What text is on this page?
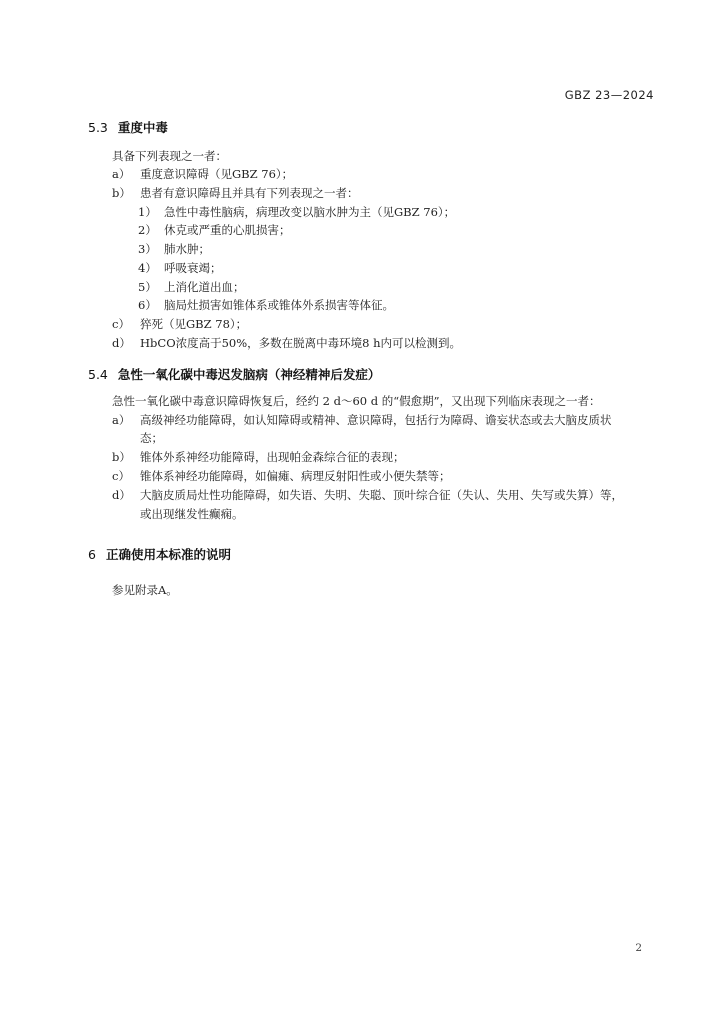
GBZ 23—2024
5.3 重度中毒
具备下列表现之一者：
a） 重度意识障碍（见GBZ 76）；
b） 患者有意识障碍且并具有下列表现之一者：
1） 急性中毒性脑病，病理改变以脑水肿为主（见GBZ 76）；
2） 休克或严重的心肌损害；
3） 肺水肿；
4） 呼吸衰竭；
5） 上消化道出血；
6） 脑局灶损害如锥体系或锥体外系损害等体征。
c） 猝死（见GBZ 78）；
d） HbCO浓度高于50%，多数在脱离中毒环境8 h内可以检测到。
5.4 急性一氧化碳中毒迟发脑病（神经精神后发症）
急性一氧化碳中毒意识障碍恢复后，经约 2 d～60 d 的“假愈期”，又出现下列临床表现之一者：
a） 高级神经功能障碍，如认知障碍或精神、意识障碍，包括行为障碍、谵妄状态或去大脑皮质状
态；
b） 锥体外系神经功能障碍，出现帕金森综合征的表现；
c） 锥体系神经功能障碍，如偏瘫、病理反射阳性或小便失禁等；
d） 大脑皮质局灶性功能障碍，如失语、失明、失聪、顶叶综合征（失认、失用、失写或失算）等，
或出现继发性癫痫。
6 正确使用本标准的说明
参见附录A。
2
